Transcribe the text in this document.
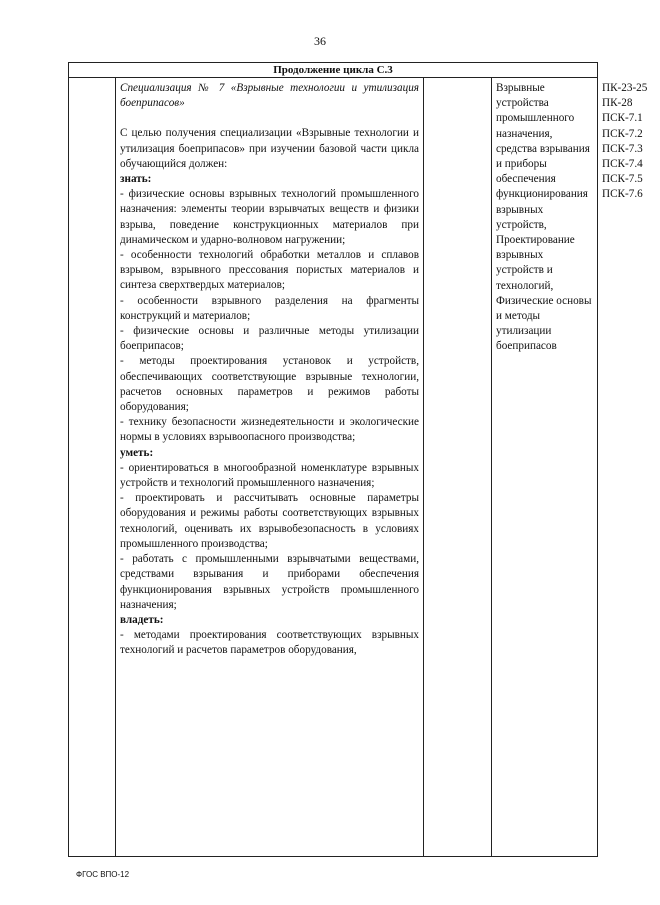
36
Продолжение цикла С.3

Специализация № 7 «Взрывные технологии и утилизация боеприпасов»

С целью получения специализации «Взрывные технологии и утилизация боеприпасов» при изучении базовой части цикла обучающийся должен:

знать:

- физические основы взрывных технологий промышленного назначения: элементы теории взрывчатых веществ и физики взрыва, поведение конструкционных материалов при динамическом и ударно-волновом нагружении;

- особенности технологий обработки металлов и сплавов взрывом, взрывного прессования пористых материалов и синтеза сверхтвердых материалов;

- особенности взрывного разделения на фрагменты конструкций и материалов;

- физические основы и различные методы утилизации боеприпасов;

- методы проектирования установок и устройств, обеспечивающих соответствующие взрывные технологии, расчетов основных параметров и режимов работы оборудования;

- технику безопасности жизнедеятельности и экологические нормы в условиях взрывоопасного производства;

уметь:

- ориентироваться в многообразной номенклатуре взрывных устройств и технологий промышленного назначения;

- проектировать и рассчитывать основные параметры оборудования и режимы работы соответствующих взрывных технологий, оценивать их взрывобезопасность в условиях промышленного производства;

- работать с промышленными взрывчатыми веществами, средствами взрывания и приборами обеспечения функционирования взрывных устройств промышленного назначения;

владеть:

- методами проектирования соответствующих взрывных технологий и расчетов параметров оборудования,

Взрывные устройства промышленного назначения, средства взрывания и приборы обеспечения функционирования взрывных устройств, Проектирование взрывных устройств и технологий, Физические основы и методы утилизации боеприпасов

ПК-23-25

ПК-28

ПСК-7.1

ПСК-7.2

ПСК-7.3

ПСК-7.4

ПСК-7.5

ПСК-7.6

ФГОС ВПО-12
